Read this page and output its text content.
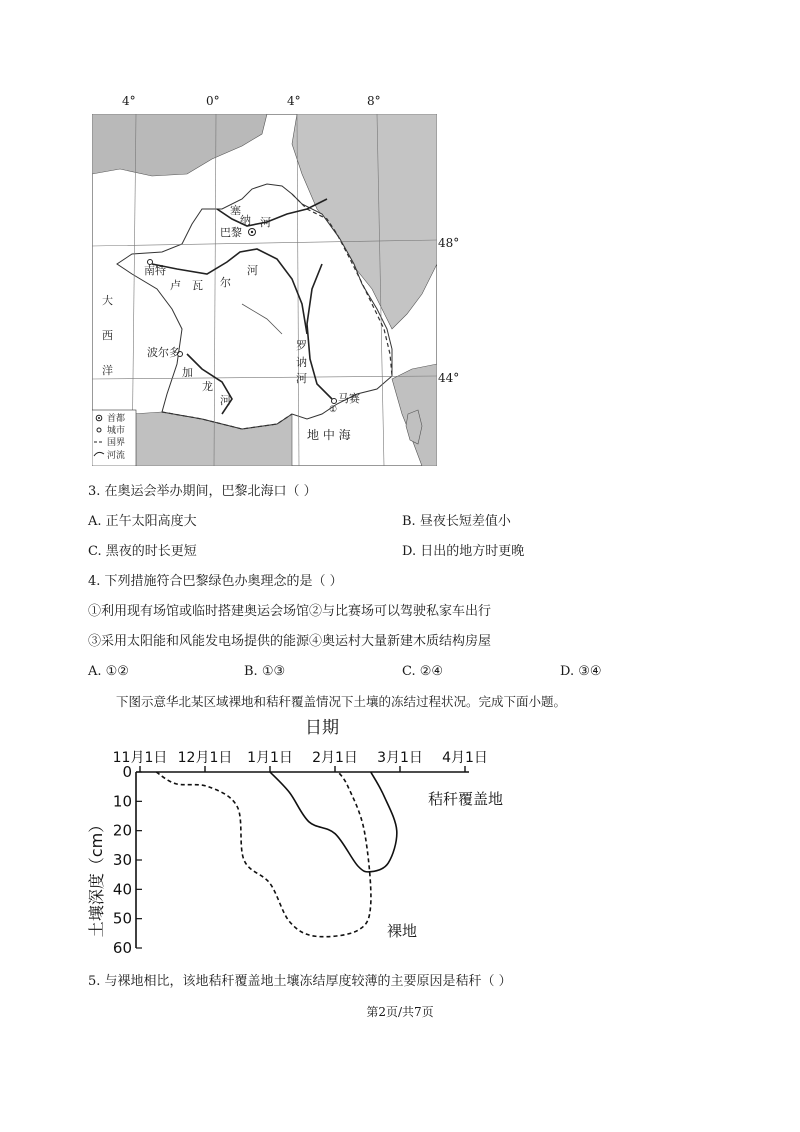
4°	0°	4°	8°
48°
44°
巴黎
南特
波尔多
马赛
①
塞
纳 河
卢 瓦 尔
河
加
龙
河
罗
讷
河
大
西
洋
地 中 海
首都
城市
国界
河流
3. 在奥运会举办期间，巴黎北海口（ ）
A. 正午太阳高度大	B. 昼夜长短差值小
C. 黑夜的时长更短	D. 日出的地方时更晚
4. 下列措施符合巴黎绿色办奥理念的是（ ）
①利用现有场馆或临时搭建奥运会场馆②与比赛场可以驾驶私家车出行
③采用太阳能和风能发电场提供的能源④奥运村大量新建木质结构房屋
A. ①②	B. ①③	C. ②④	D. ③④
下图示意华北某区域裸地和秸秆覆盖情况下土壤的冻结过程状况。完成下面小题。
日期
11月1日 12月1日 1月1日 2月1日 3月1日 4月1日
0
10
20
30
40
50
60
土壤深度（cm）
秸秆覆盖地
裸地
5. 与裸地相比，该地秸秆覆盖地土壤冻结厚度较薄的主要原因是秸秆（ ）
第2页/共7页
